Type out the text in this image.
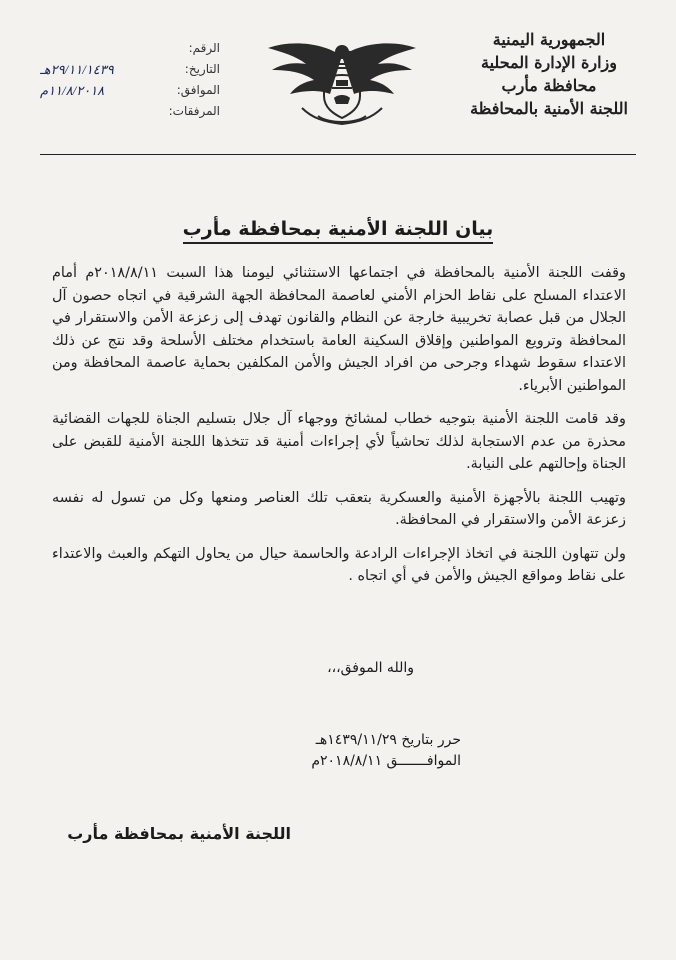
الجمهورية اليمنية
وزارة الإدارة المحلية
محافظة مأرب
اللجنة الأمنية بالمحافظة
الرقم:
التاريخ:
٢٩/١١/١٤٣٩هـ
الموافق:
١١/٨/٢٠١٨م
المرفقات:
بيان اللجنة الأمنية بمحافظة مأرب

وقفت اللجنة الأمنية بالمحافظة في اجتماعها الاستثنائي ليومنا هذا السبت ٢٠١٨/٨/١١م أمام الاعتداء المسلح على نقاط الحزام الأمني لعاصمة المحافظة الجهة الشرقية في اتجاه حصون آل الجلال من قبل عصابة تخريبية خارجة عن النظام والقانون تهدف إلى زعزعة الأمن والاستقرار في المحافظة وترويع المواطنين وإقلاق السكينة العامة باستخدام مختلف الأسلحة وقد نتج عن ذلك الاعتداء سقوط شهداء وجرحى من افراد الجيش والأمن المكلفين بحماية عاصمة المحافظة ومن المواطنين الأبرياء.

وقد قامت اللجنة الأمنية بتوجيه خطاب لمشائخ ووجهاء آل جلال بتسليم الجناة للجهات القضائية محذرة من عدم الاستجابة لذلك تحاشياً لأي إجراءات أمنية قد تتخذها اللجنة الأمنية للقبض على الجناة وإحالتهم على النيابة.

وتهيب اللجنة بالأجهزة الأمنية والعسكرية بتعقب تلك العناصر ومنعها وكل من تسول له نفسه زعزعة الأمن والاستقرار في المحافظة.

ولن تتهاون اللجنة في اتخاذ الإجراءات الرادعة والحاسمة حيال من يحاول التهكم والعبث والاعتداء على نقاط ومواقع الجيش والأمن في أي اتجاه .

والله الموفق،،،
حرر بتاريخ ١٤٣٩/١١/٢٩هـ
الموافـــــــق ٢٠١٨/٨/١١م
اللجنة الأمنية بمحافظة مأرب
